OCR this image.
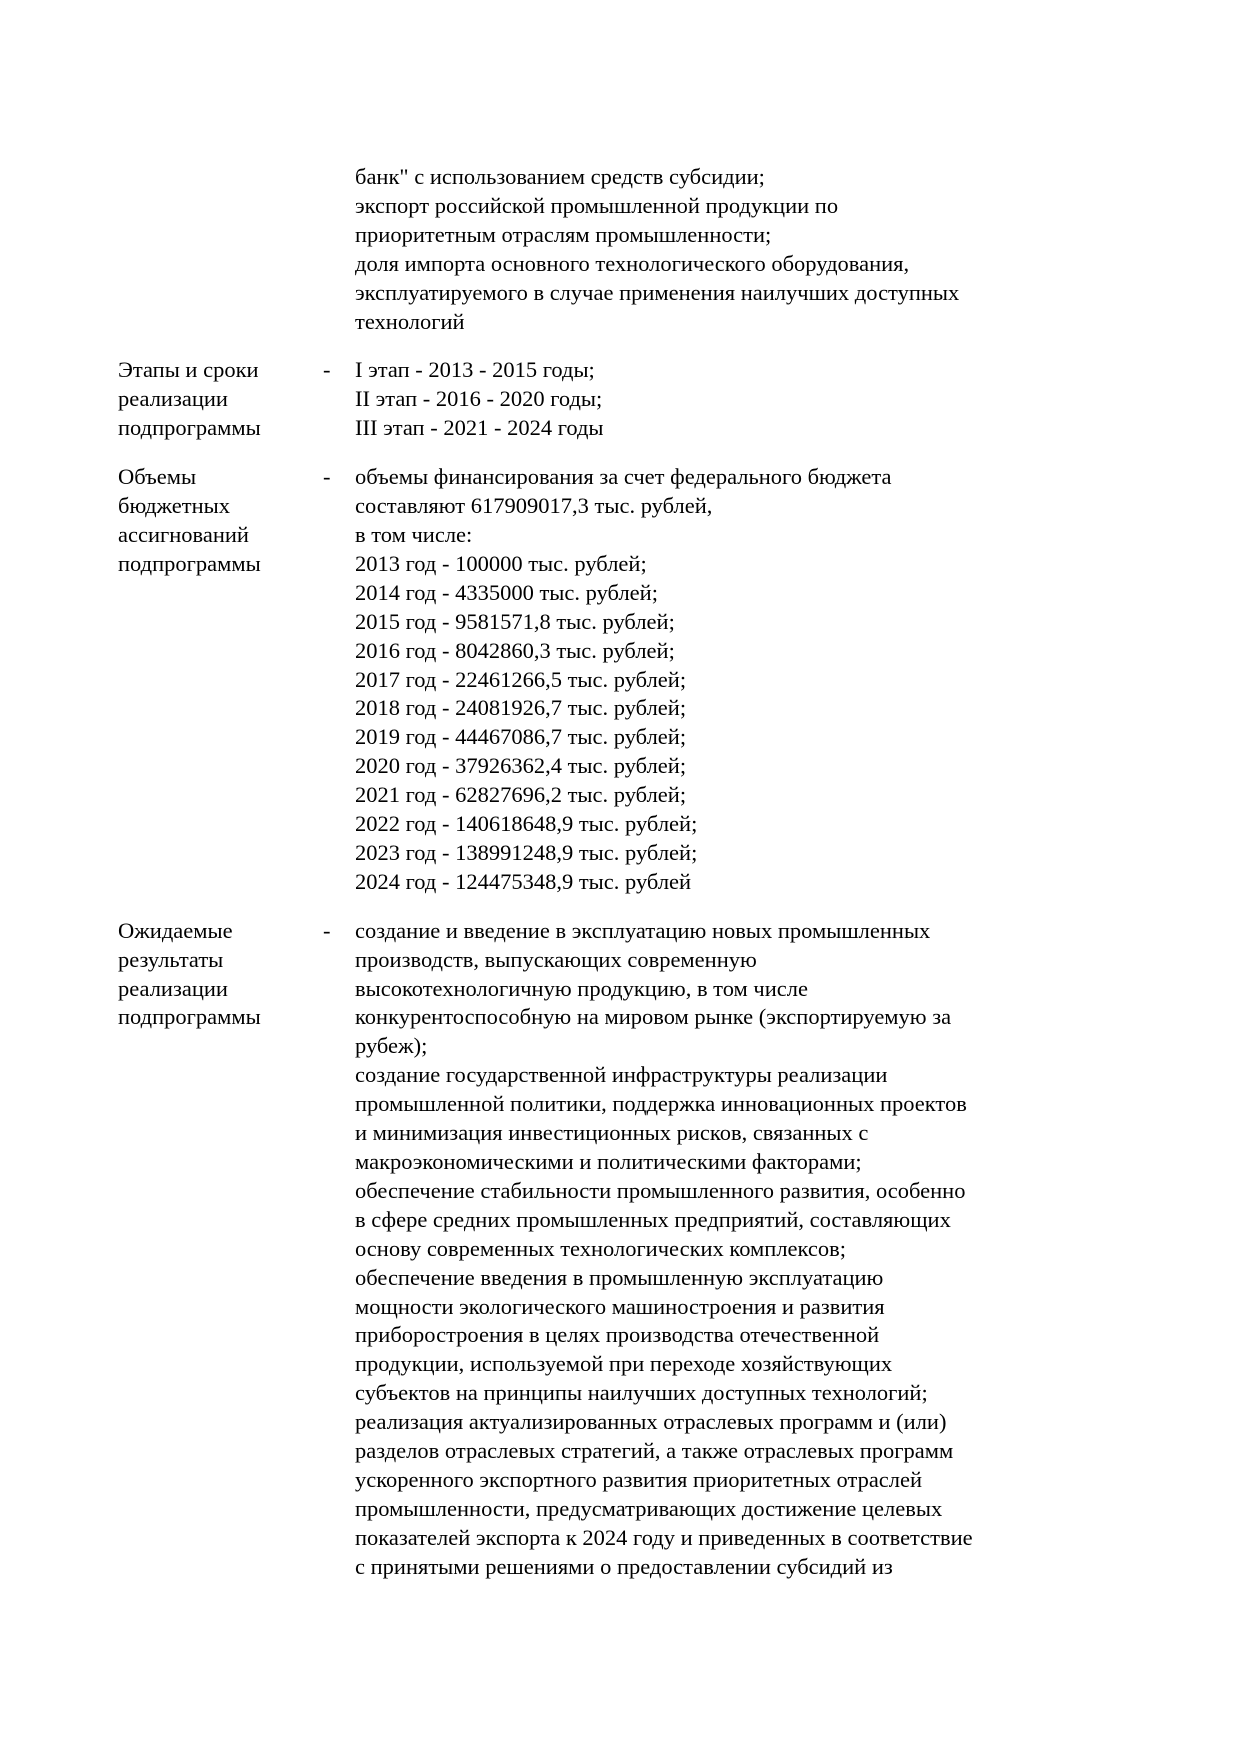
банк" с использованием средств субсидии;
экспорт российской промышленной продукции по
приоритетным отраслям промышленности;
доля импорта основного технологического оборудования,
эксплуатируемого в случае применения наилучших доступных
технологий
Этапы и сроки
реализации
подпрограммы
-	I этап - 2013 - 2015 годы;
II этап - 2016 - 2020 годы;
III этап - 2021 - 2024 годы
Объемы
бюджетных
ассигнований
подпрограммы
-	объемы финансирования за счет федерального бюджета
составляют 617909017,3 тыс. рублей,
в том числе:
2013 год - 100000 тыс. рублей;
2014 год - 4335000 тыс. рублей;
2015 год - 9581571,8 тыс. рублей;
2016 год - 8042860,3 тыс. рублей;
2017 год - 22461266,5 тыс. рублей;
2018 год - 24081926,7 тыс. рублей;
2019 год - 44467086,7 тыс. рублей;
2020 год - 37926362,4 тыс. рублей;
2021 год - 62827696,2 тыс. рублей;
2022 год - 140618648,9 тыс. рублей;
2023 год - 138991248,9 тыс. рублей;
2024 год - 124475348,9 тыс. рублей
Ожидаемые
результаты
реализации
подпрограммы
-	создание и введение в эксплуатацию новых промышленных
производств, выпускающих современную
высокотехнологичную продукцию, в том числе
конкурентоспособную на мировом рынке (экспортируемую за
рубеж);
создание государственной инфраструктуры реализации
промышленной политики, поддержка инновационных проектов
и минимизация инвестиционных рисков, связанных с
макроэкономическими и политическими факторами;
обеспечение стабильности промышленного развития, особенно
в сфере средних промышленных предприятий, составляющих
основу современных технологических комплексов;
обеспечение введения в промышленную эксплуатацию
мощности экологического машиностроения и развития
приборостроения в целях производства отечественной
продукции, используемой при переходе хозяйствующих
субъектов на принципы наилучших доступных технологий;
реализация актуализированных отраслевых программ и (или)
разделов отраслевых стратегий, а также отраслевых программ
ускоренного экспортного развития приоритетных отраслей
промышленности, предусматривающих достижение целевых
показателей экспорта к 2024 году и приведенных в соответствие
с принятыми решениями о предоставлении субсидий из
